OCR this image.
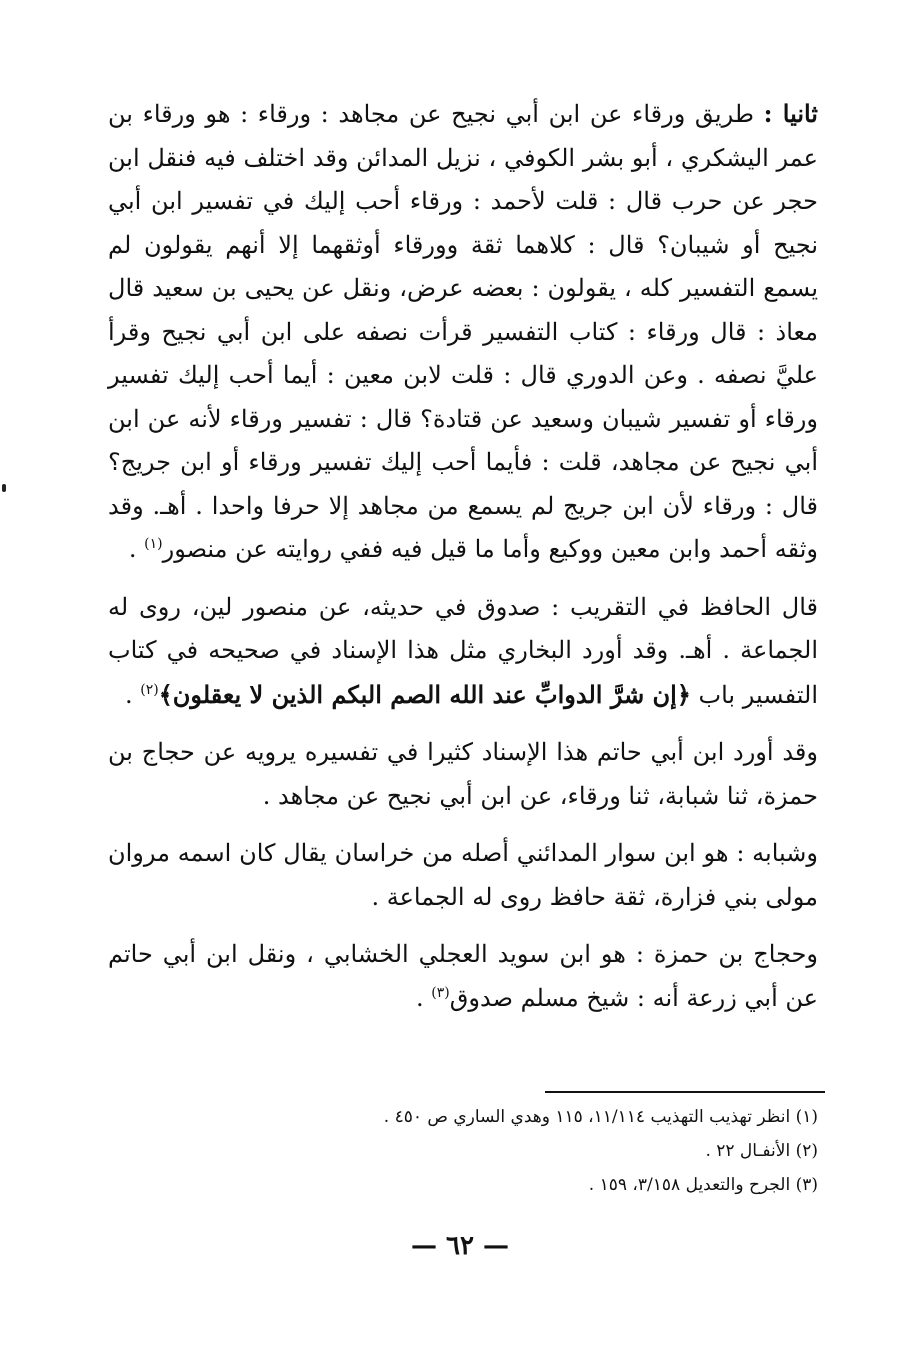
ثانيا : طريق ورقاء عن ابن أبي نجيح عن مجاهد : ورقاء : هو ورقاء بن عمر اليشكري ، أبو بشر الكوفي ، نزيل المدائن وقد اختلف فيه فنقل ابن حجر عن حرب قال : قلت لأحمد : ورقاء أحب إليك في تفسير ابن أبي نجيح أو شيبان؟ قال : كلاهما ثقة وورقاء أوثقهما إلا أنهم يقولون لم يسمع التفسير كله ، يقولون : بعضه عرض، ونقل عن يحيى بن سعيد قال معاذ : قال ورقاء : كتاب التفسير قرأت نصفه على ابن أبي نجيح وقرأ عليَّ نصفه . وعن الدوري قال : قلت لابن معين : أيما أحب إليك تفسير ورقاء أو تفسير شيبان وسعيد عن قتادة؟ قال : تفسير ورقاء لأنه عن ابن أبي نجيح عن مجاهد، قلت : فأيما أحب إليك تفسير ورقاء أو ابن جريج؟ قال : ورقاء لأن ابن جريج لم يسمع من مجاهد إلا حرفا واحدا . أهـ. وقد وثقه أحمد وابن معين ووكيع وأما ما قيل فيه ففي روايته عن منصور$^{(١)}$ .

قال الحافظ في التقريب : صدوق في حديثه، عن منصور لين، روى له الجماعة . أهـ. وقد أورد البخاري مثل هذا الإسناد في صحيحه في كتاب التفسير باب ﴿إن شرَّ الدوابِّ عند الله الصم البكم الذين لا يعقلون﴾$^{(٢)}$ .

وقد أورد ابن أبي حاتم هذا الإسناد كثيرا في تفسيره يرويه عن حجاج بن حمزة، ثنا شبابة، ثنا ورقاء، عن ابن أبي نجيح عن مجاهد .

وشبابه : هو ابن سوار المدائني أصله من خراسان يقال كان اسمه مروان مولى بني فزارة، ثقة حافظ روى له الجماعة .

وحجاج بن حمزة : هو ابن سويد العجلي الخشابي ، ونقل ابن أبي حاتم عن أبي زرعة أنه : شيخ مسلم صدوق$^{(٣)}$ .

(١) انظر تهذيب التهذيب ١١/١١٤، ١١٥ وهدي الساري ص ٤٥٠ .

(٢) الأنفـال ٢٢ .

(٣) الجرح والتعديل ٣/١٥٨، ١٥٩ .

— ٦٢ —
